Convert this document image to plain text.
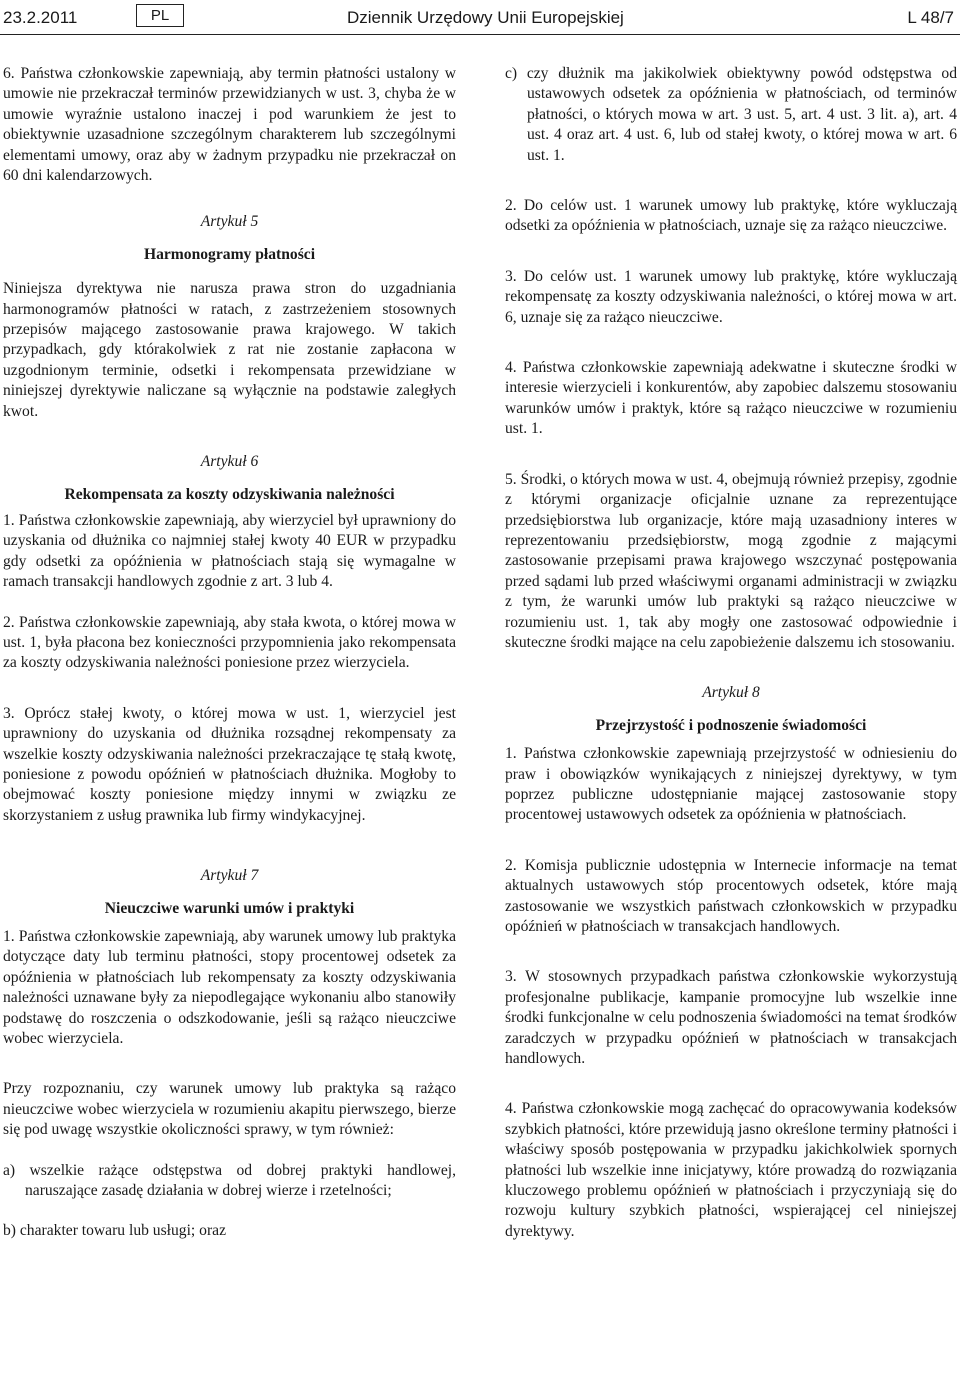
23.2.2011	PL	Dziennik Urzędowy Unii Europejskiej	L 48/7

6. Państwa członkowskie zapewniają, aby termin płatności ustalony w umowie nie przekraczał terminów przewidzianych w ust. 3, chyba że w umowie wyraźnie ustalono inaczej i pod warunkiem że jest to obiektywnie uzasadnione szczególnym charakterem lub szczególnymi elementami umowy, oraz aby w żadnym przypadku nie przekraczał on 60 dni kalendarzowych.

Artykuł 5
Harmonogramy płatności

Niniejsza dyrektywa nie narusza prawa stron do uzgadniania harmonogramów płatności w ratach, z zastrzeżeniem stosownych przepisów mającego zastosowanie prawa krajowego. W takich przypadkach, gdy którakolwiek z rat nie zostanie zapłacona w uzgodnionym terminie, odsetki i rekompensata przewidziane w niniejszej dyrektywie naliczane są wyłącznie na podstawie zaległych kwot.

Artykuł 6
Rekompensata za koszty odzyskiwania należności

1. Państwa członkowskie zapewniają, aby wierzyciel był uprawniony do uzyskania od dłużnika co najmniej stałej kwoty 40 EUR w przypadku gdy odsetki za opóźnienia w płatnościach stają się wymagalne w ramach transakcji handlowych zgodnie z art. 3 lub 4.

2. Państwa członkowskie zapewniają, aby stała kwota, o której mowa w ust. 1, była płacona bez konieczności przypomnienia jako rekompensata za koszty odzyskiwania należności poniesione przez wierzyciela.

3. Oprócz stałej kwoty, o której mowa w ust. 1, wierzyciel jest uprawniony do uzyskania od dłużnika rozsądnej rekompensaty za wszelkie koszty odzyskiwania należności przekraczające tę stałą kwotę, poniesione z powodu opóźnień w płatnościach dłużnika. Mogłoby to obejmować koszty poniesione między innymi w związku ze skorzystaniem z usług prawnika lub firmy windykacyjnej.

Artykuł 7
Nieuczciwe warunki umów i praktyki

1. Państwa członkowskie zapewniają, aby warunek umowy lub praktyka dotyczące daty lub terminu płatności, stopy procentowej odsetek za opóźnienia w płatnościach lub rekompensaty za koszty odzyskiwania należności uznawane były za niepodlegające wykonaniu albo stanowiły podstawę do roszczenia o odszkodowanie, jeśli są rażąco nieuczciwe wobec wierzyciela.

Przy rozpoznaniu, czy warunek umowy lub praktyka są rażąco nieuczciwe wobec wierzyciela w rozumieniu akapitu pierwszego, bierze się pod uwagę wszystkie okoliczności sprawy, w tym również:

a) wszelkie rażące odstępstwa od dobrej praktyki handlowej, naruszające zasadę działania w dobrej wierze i rzetelności;

b) charakter towaru lub usługi; oraz

c) czy dłużnik ma jakikolwiek obiektywny powód odstępstwa od ustawowych odsetek za opóźnienia w płatnościach, od terminów płatności, o których mowa w art. 3 ust. 5, art. 4 ust. 3 lit. a), art. 4 ust. 4 oraz art. 4 ust. 6, lub od stałej kwoty, o której mowa w art. 6 ust. 1.

2. Do celów ust. 1 warunek umowy lub praktykę, które wykluczają odsetki za opóźnienia w płatnościach, uznaje się za rażąco nieuczciwe.

3. Do celów ust. 1 warunek umowy lub praktykę, które wykluczają rekompensatę za koszty odzyskiwania należności, o której mowa w art. 6, uznaje się za rażąco nieuczciwe.

4. Państwa członkowskie zapewniają adekwatne i skuteczne środki w interesie wierzycieli i konkurentów, aby zapobiec dalszemu stosowaniu warunków umów i praktyk, które są rażąco nieuczciwe w rozumieniu ust. 1.

5. Środki, o których mowa w ust. 4, obejmują również przepisy, zgodnie z którymi organizacje oficjalnie uznane za reprezentujące przedsiębiorstwa lub organizacje, które mają uzasadniony interes w reprezentowaniu przedsiębiorstw, mogą zgodnie z mającymi zastosowanie przepisami prawa krajowego wszczynać postępowania przed sądami lub przed właściwymi organami administracji w związku z tym, że warunki umów lub praktyki są rażąco nieuczciwe w rozumieniu ust. 1, tak aby mogły one zastosować odpowiednie i skuteczne środki mające na celu zapobieżenie dalszemu ich stosowaniu.

Artykuł 8
Przejrzystość i podnoszenie świadomości

1. Państwa członkowskie zapewniają przejrzystość w odniesieniu do praw i obowiązków wynikających z niniejszej dyrektywy, w tym poprzez publiczne udostępnianie mającej zastosowanie stopy procentowej ustawowych odsetek za opóźnienia w płatnościach.

2. Komisja publicznie udostępnia w Internecie informacje na temat aktualnych ustawowych stóp procentowych odsetek, które mają zastosowanie we wszystkich państwach członkowskich w przypadku opóźnień w płatnościach w transakcjach handlowych.

3. W stosownych przypadkach państwa członkowskie wykorzystują profesjonalne publikacje, kampanie promocyjne lub wszelkie inne środki funkcjonalne w celu podnoszenia świadomości na temat środków zaradczych w przypadku opóźnień w płatnościach w transakcjach handlowych.

4. Państwa członkowskie mogą zachęcać do opracowywania kodeksów szybkich płatności, które przewidują jasno określone terminy płatności i właściwy sposób postępowania w przypadku jakichkolwiek spornych płatności lub wszelkie inne inicjatywy, które prowadzą do rozwiązania kluczowego problemu opóźnień w płatnościach i przyczyniają się do rozwoju kultury szybkich płatności, wspierającej cel niniejszej dyrektywy.
